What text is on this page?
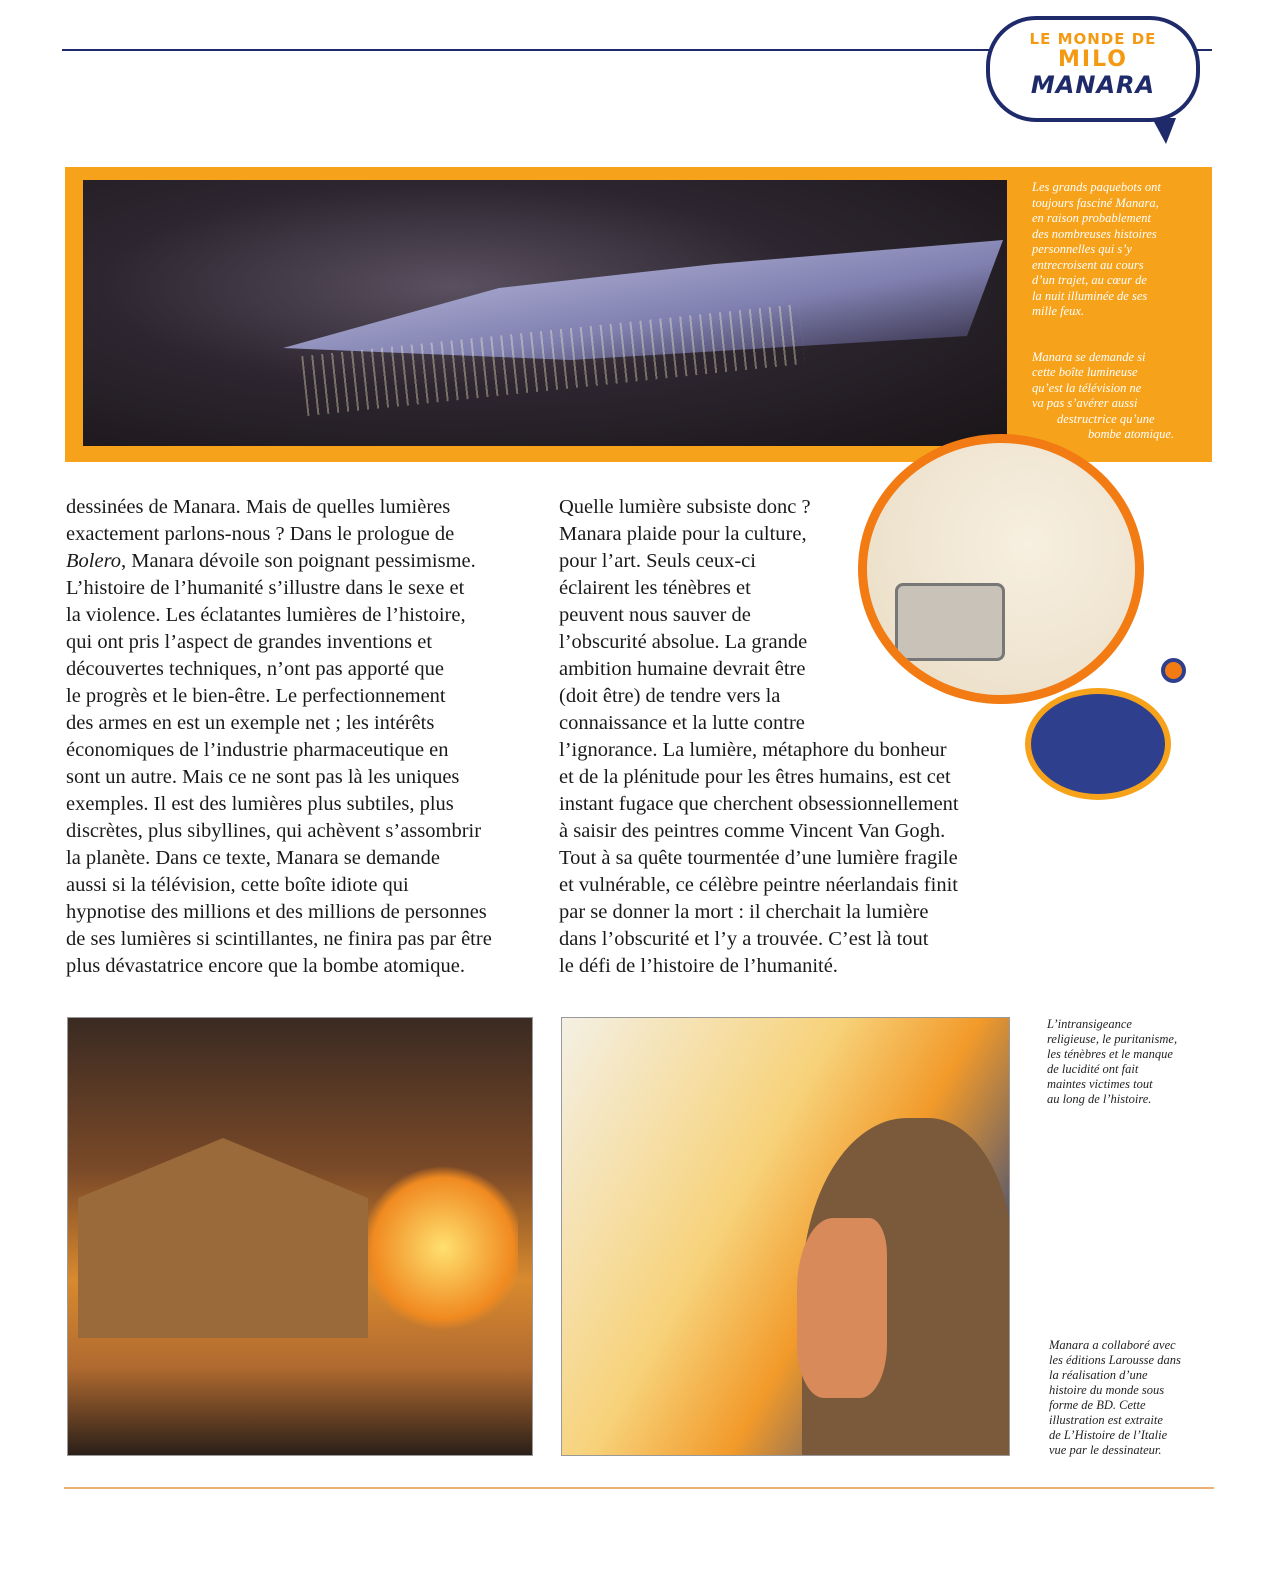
LE MONDE DE
MILO
MANARA

Les grands paquebots ont
toujours fasciné Manara,
en raison probablement
des nombreuses histoires
personnelles qui s’y
entrecroisent au cours
d’un trajet, au cœur de
la nuit illuminée de ses
mille feux.

Manara se demande si
cette boîte lumineuse
qu’est la télévision ne
va pas s’avérer aussi
destructrice qu’une
bombe atomique.

dessinées de Manara. Mais de quelles lumières
exactement parlons-nous ? Dans le prologue de
Bolero, Manara dévoile son poignant pessimisme.
L’histoire de l’humanité s’illustre dans le sexe et
la violence. Les éclatantes lumières de l’histoire,
qui ont pris l’aspect de grandes inventions et
découvertes techniques, n’ont pas apporté que
le progrès et le bien-être. Le perfectionnement
des armes en est un exemple net ; les intérêts
économiques de l’industrie pharmaceutique en
sont un autre. Mais ce ne sont pas là les uniques
exemples. Il est des lumières plus subtiles, plus
discrètes, plus sibyllines, qui achèvent s’assombrir
la planète. Dans ce texte, Manara se demande
aussi si la télévision, cette boîte idiote qui
hypnotise des millions et des millions de personnes
de ses lumières si scintillantes, ne finira pas par être
plus dévastatrice encore que la bombe atomique.
Quelle lumière subsiste donc ?
Manara plaide pour la culture,
pour l’art. Seuls ceux-ci
éclairent les ténèbres et
peuvent nous sauver de
l’obscurité absolue. La grande
ambition humaine devrait être
(doit être) de tendre vers la
connaissance et la lutte contre
l’ignorance. La lumière, métaphore du bonheur
et de la plénitude pour les êtres humains, est cet
instant fugace que cherchent obsessionnellement
à saisir des peintres comme Vincent Van Gogh.
Tout à sa quête tourmentée d’une lumière fragile
et vulnérable, ce célèbre peintre néerlandais finit
par se donner la mort : il cherchait la lumière
dans l’obscurité et l’y a trouvée. C’est là tout
le défi de l’histoire de l’humanité.
L’intransigeance
religieuse, le puritanisme,
les ténèbres et le manque
de lucidité ont fait
maintes victimes tout
au long de l’histoire.
Manara a collaboré avec
les éditions Larousse dans
la réalisation d’une
histoire du monde sous
forme de BD. Cette
illustration est extraite
de L’Histoire de l’Italie
vue par le dessinateur.
